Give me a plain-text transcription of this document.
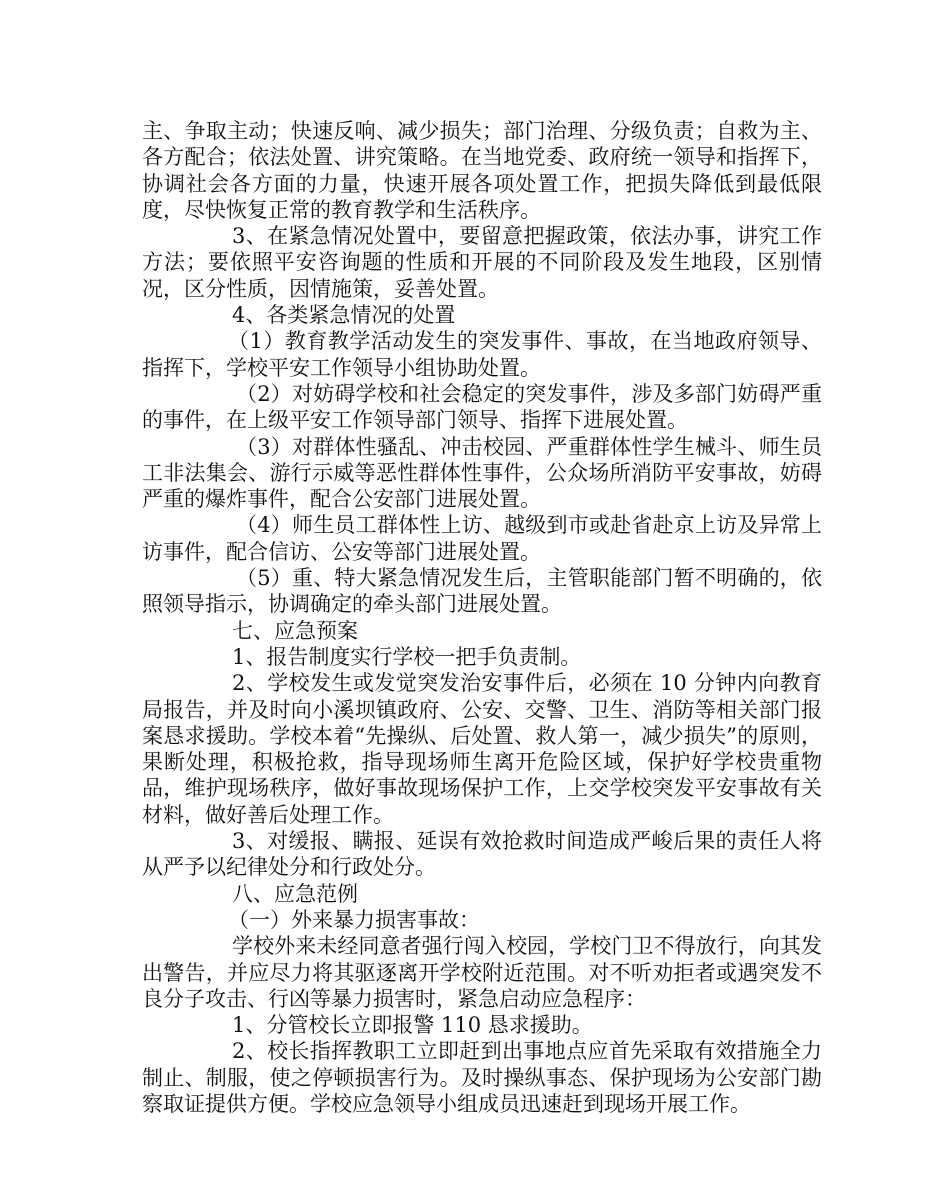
主、争取主动；快速反响、减少损失；部门治理、分级负责；自救为主、各方配合；依法处置、讲究策略。在当地党委、政府统一领导和指挥下，协调社会各方面的力量，快速开展各项处置工作，把损失降低到最低限度，尽快恢复正常的教育教学和生活秩序。

3、在紧急情况处置中，要留意把握政策，依法办事，讲究工作方法；要依照平安咨询题的性质和开展的不同阶段及发生地段，区别情况，区分性质，因情施策，妥善处置。

4、各类紧急情况的处置

（1）教育教学活动发生的突发事件、事故，在当地政府领导、指挥下，学校平安工作领导小组协助处置。

（2）对妨碍学校和社会稳定的突发事件，涉及多部门妨碍严重的事件，在上级平安工作领导部门领导、指挥下进展处置。

（3）对群体性骚乱、冲击校园、严重群体性学生械斗、师生员工非法集会、游行示威等恶性群体性事件，公众场所消防平安事故，妨碍严重的爆炸事件，配合公安部门进展处置。

（4）师生员工群体性上访、越级到市或赴省赴京上访及异常上访事件，配合信访、公安等部门进展处置。

（5）重、特大紧急情况发生后，主管职能部门暂不明确的，依照领导指示，协调确定的牵头部门进展处置。

七、应急预案

1、报告制度实行学校一把手负责制。

2、学校发生或发觉突发治安事件后，必须在 10 分钟内向教育局报告，并及时向小溪坝镇政府、公安、交警、卫生、消防等相关部门报案恳求援助。学校本着“先操纵、后处置、救人第一，减少损失”的原则，果断处理，积极抢救，指导现场师生离开危险区域，保护好学校贵重物品，维护现场秩序，做好事故现场保护工作，上交学校突发平安事故有关材料，做好善后处理工作。

3、对缓报、瞒报、延误有效抢救时间造成严峻后果的责任人将从严予以纪律处分和行政处分。

八、应急范例

（一）外来暴力损害事故：

学校外来未经同意者强行闯入校园，学校门卫不得放行，向其发出警告，并应尽力将其驱逐离开学校附近范围。对不听劝拒者或遇突发不良分子攻击、行凶等暴力损害时，紧急启动应急程序：

1、分管校长立即报警 110 恳求援助。

2、校长指挥教职工立即赶到出事地点应首先采取有效措施全力制止、制服，使之停顿损害行为。及时操纵事态、保护现场为公安部门勘察取证提供方便。学校应急领导小组成员迅速赶到现场开展工作。
